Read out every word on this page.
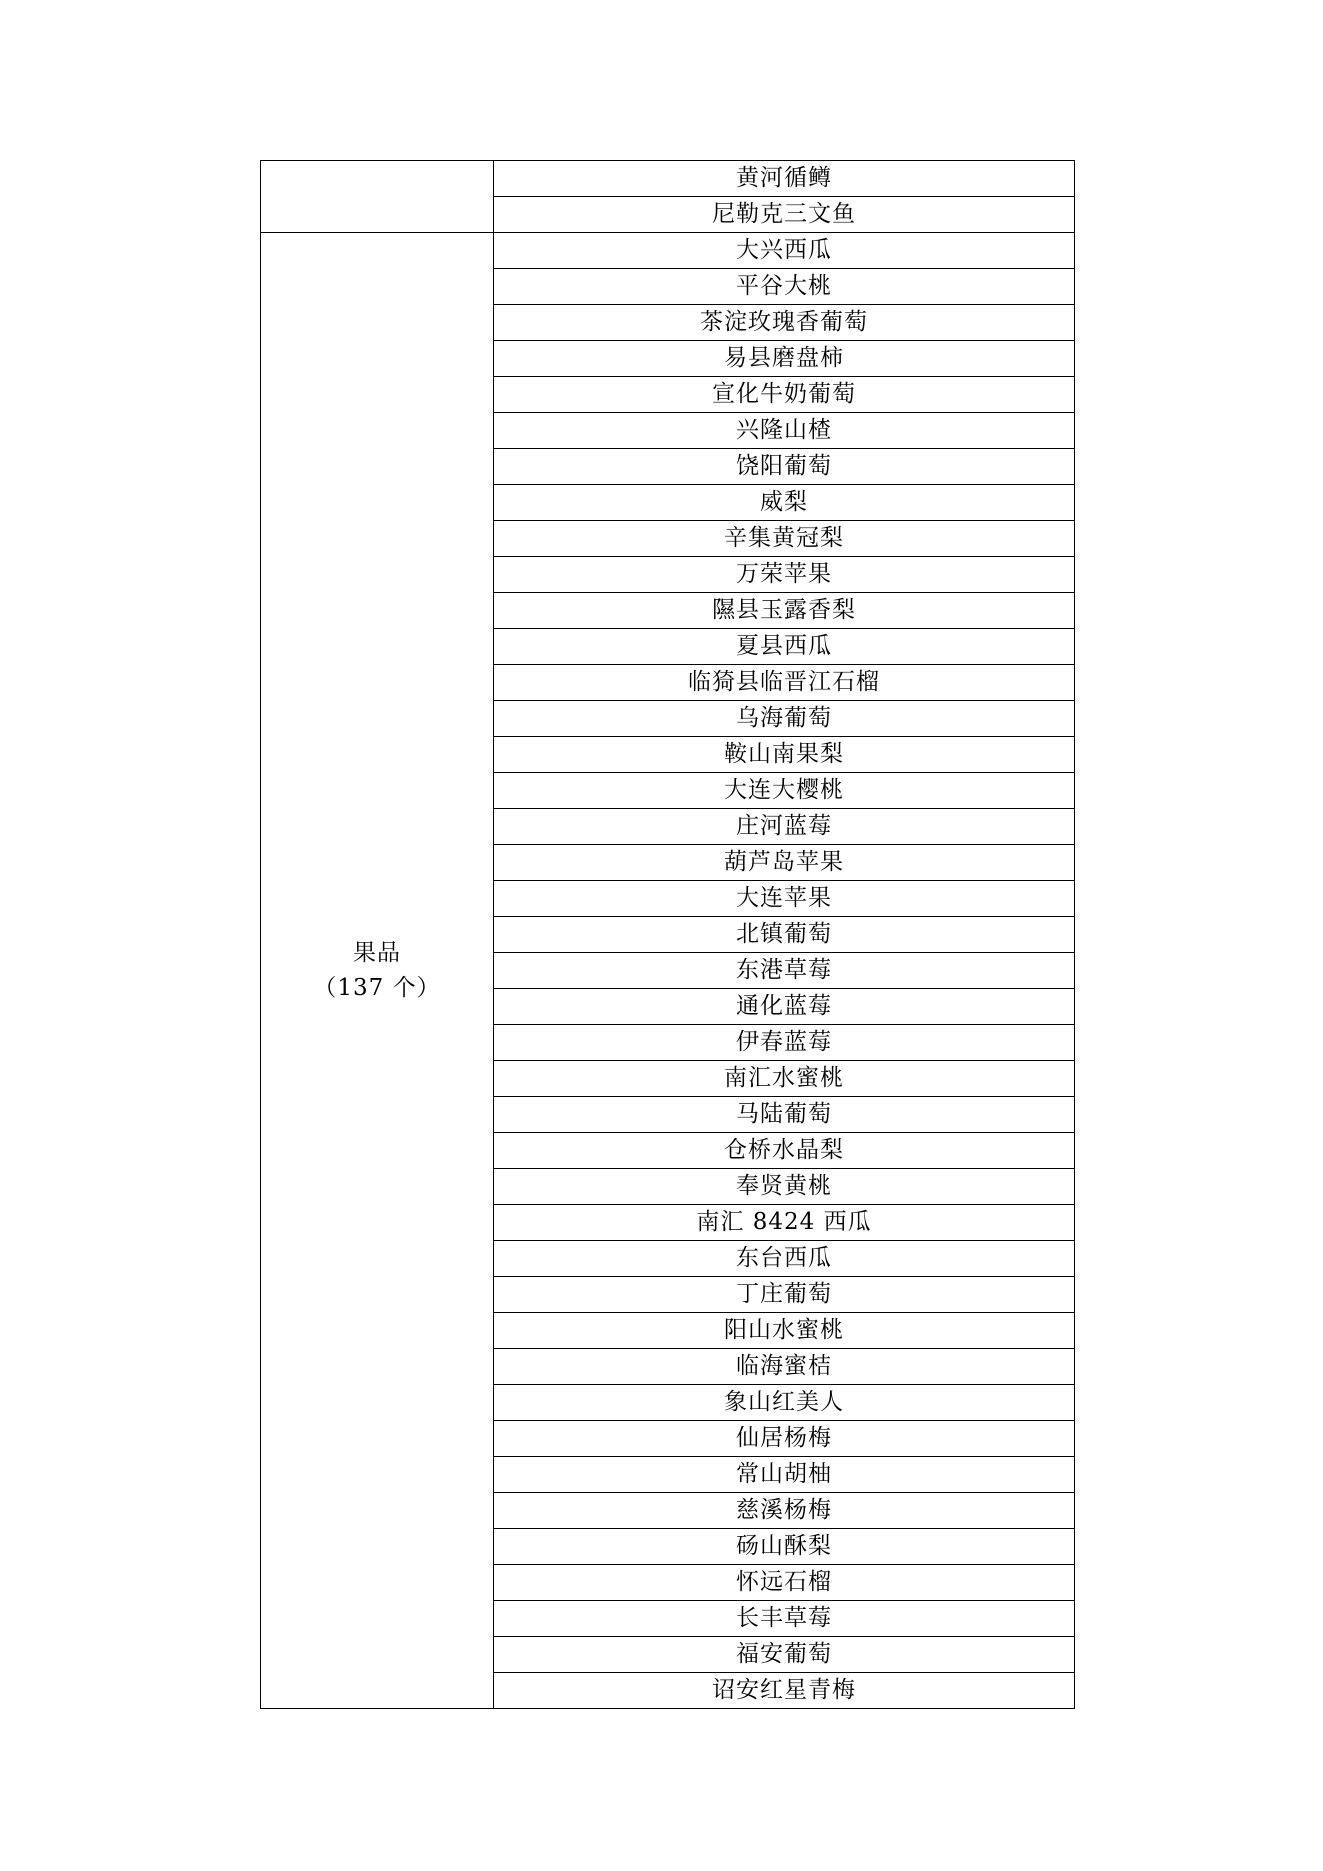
	黄河循鳟
	尼勒克三文鱼

果品
（137 个）	大兴西瓜
	平谷大桃
	茶淀玫瑰香葡萄
	易县磨盘柿
	宣化牛奶葡萄
	兴隆山楂
	饶阳葡萄
	威梨
	辛集黄冠梨
	万荣苹果
	隰县玉露香梨
	夏县西瓜
	临猗县临晋江石榴
	乌海葡萄
	鞍山南果梨
	大连大樱桃
	庄河蓝莓
	葫芦岛苹果
	大连苹果
	北镇葡萄
	东港草莓
	通化蓝莓
	伊春蓝莓
	南汇水蜜桃
	马陆葡萄
	仓桥水晶梨
	奉贤黄桃
	南汇 8424 西瓜
	东台西瓜
	丁庄葡萄
	阳山水蜜桃
	临海蜜桔
	象山红美人
	仙居杨梅
	常山胡柚
	慈溪杨梅
	砀山酥梨
	怀远石榴
	长丰草莓
	福安葡萄
	诏安红星青梅
